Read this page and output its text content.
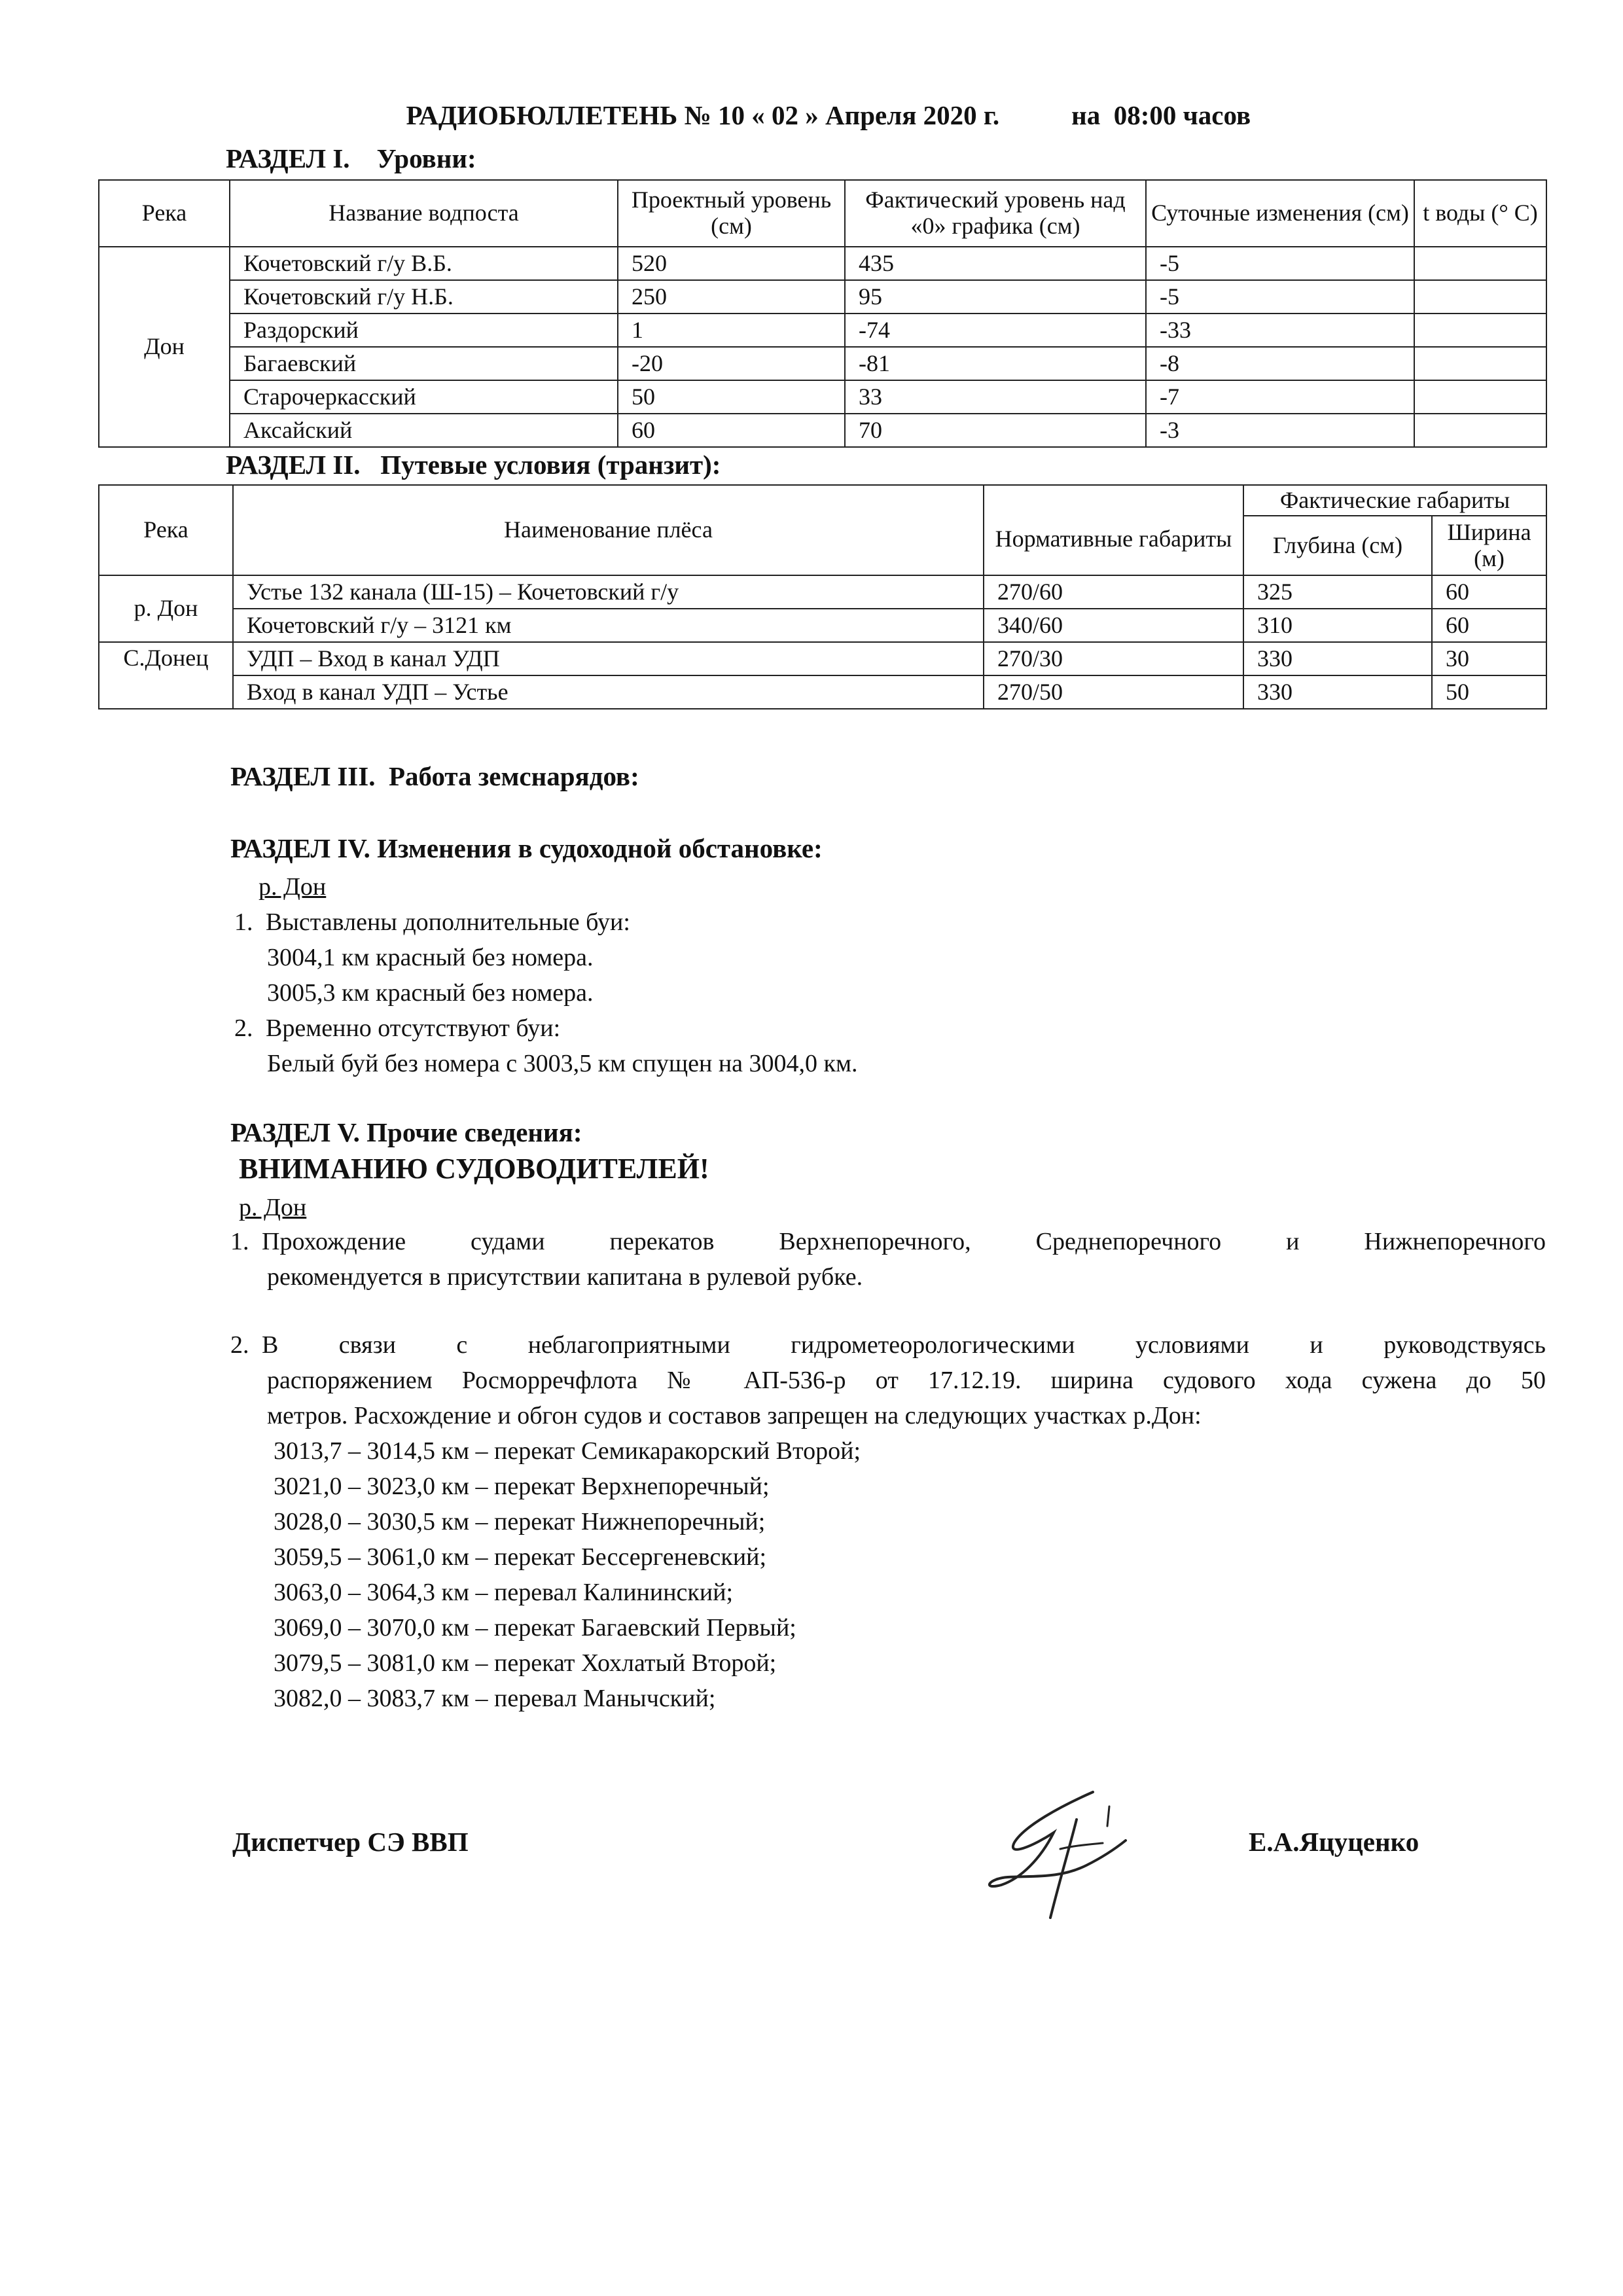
РАДИОБЮЛЛЕТЕНЬ № 10 « 02 » Апреля 2020 г.	на  08:00 часов

РАЗДЕЛ I.    Уровни:
Река	Название водпоста	Проектный уровень (см)	Фактический уровень над «0» графика (см)	Суточные изменения (см)	t воды (° С)
Дон	Кочетовский г/у В.Б.	520	435	-5	
	Кочетовский г/у Н.Б.	250	95	-5	
	Раздорский	1	-74	-33	
	Багаевский	-20	-81	-8	
	Старочеркасский	50	33	-7	
	Аксайский	60	70	-3	
РАЗДЕЛ II.   Путевые условия (транзит):
Река	Наименование плёса	Нормативные габариты	Фактические габариты	
			Глубина (см)	Ширина (м)
р. Дон	Устье 132 канала (Ш-15) – Кочетовский г/у	270/60	325	60
	Кочетовский г/у – 3121 км	340/60	310	60
С.Донец	УДП – Вход в канал УДП	270/30	330	30
	Вход в канал УДП – Устье	270/50	330	50
РАЗДЕЛ III.  Работа земснарядов:
РАЗДЕЛ IV. Изменения в судоходной обстановке:
р. Дон
1. Выставлены дополнительные буи:
3004,1 км красный без номера.
3005,3 км красный без номера.
2. Временно отсутствуют буи:
Белый буй без номера с 3003,5 км спущен на 3004,0 км.
РАЗДЕЛ V. Прочие сведения:
ВНИМАНИЮ СУДОВОДИТЕЛЕЙ!
р. Дон
1. Прохождение судами перекатов Верхнепоречного, Среднепоречного и Нижнепоречного
рекомендуется в присутствии капитана в рулевой рубке.
2. В связи с неблагоприятными гидрометеорологическими условиями и руководствуясь
распоряжением Росморречфлота № АП-536-р от 17.12.19. ширина судового хода сужена до 50
метров. Расхождение и обгон судов и составов запрещен на следующих участках р.Дон:
3013,7 – 3014,5 км – перекат Семикаракорский Второй;
3021,0 – 3023,0 км – перекат Верхнепоречный;
3028,0 – 3030,5 км – перекат Нижнепоречный;
3059,5 – 3061,0 км – перекат Бессергеневский;
3063,0 – 3064,3 км – перевал Калининский;
3069,0 – 3070,0 км – перекат Багаевский Первый;
3079,5 – 3081,0 км – перекат Хохлатый Второй;
3082,0 – 3083,7 км – перевал Манычский;
Диспетчер СЭ ВВП	Е.А.Яцуценко
